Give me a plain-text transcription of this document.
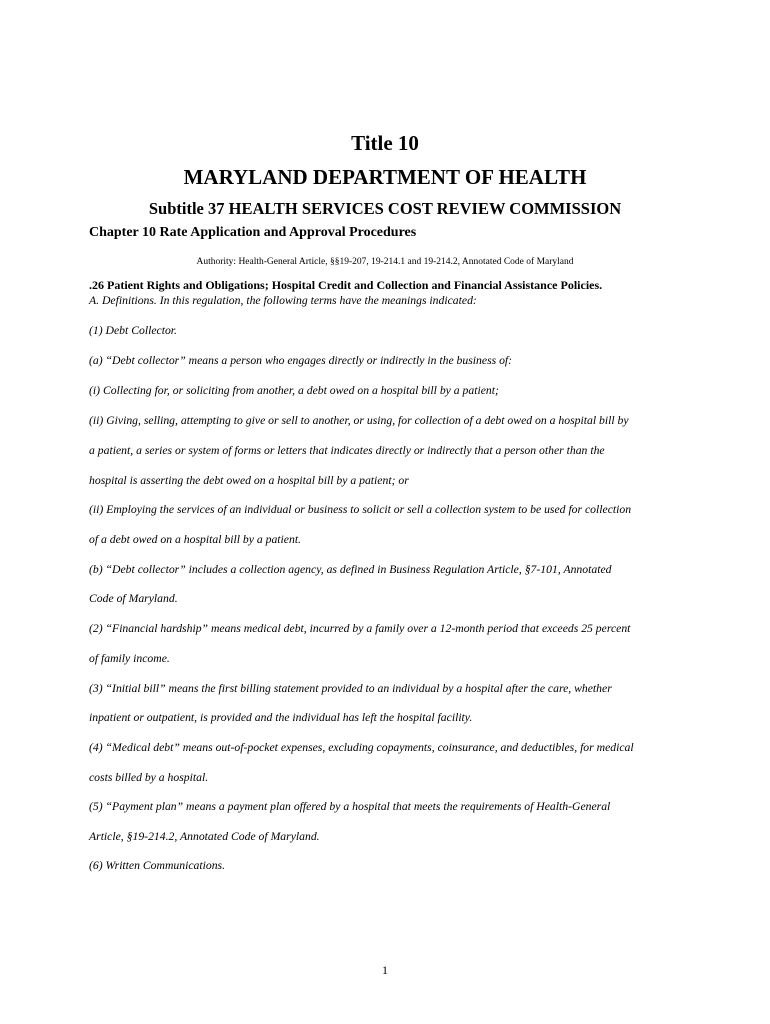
Title 10
MARYLAND DEPARTMENT OF HEALTH
Subtitle 37 HEALTH SERVICES COST REVIEW COMMISSION
Chapter 10 Rate Application and Approval Procedures

Authority: Health-General Article, §§19-207, 19-214.1 and 19-214.2, Annotated Code of Maryland

.26 Patient Rights and Obligations; Hospital Credit and Collection and Financial Assistance Policies.

A. Definitions. In this regulation, the following terms have the meanings indicated:

(1) Debt Collector.

(a) “Debt collector” means a person who engages directly or indirectly in the business of:

(i) Collecting for, or soliciting from another, a debt owed on a hospital bill by a patient;

(ii) Giving, selling, attempting to give or sell to another, or using, for collection of a debt owed on a hospital bill by

a patient, a series or system of forms or letters that indicates directly or indirectly that a person other than the

hospital is asserting the debt owed on a hospital bill by a patient; or

(ii) Employing the services of an individual or business to solicit or sell a collection system to be used for collection

of a debt owed on a hospital bill by a patient.

(b) “Debt collector” includes a collection agency, as defined in Business Regulation Article, §7-101, Annotated

Code of Maryland.

(2) “Financial hardship” means medical debt, incurred by a family over a 12-month period that exceeds 25 percent

of family income.

(3) “Initial bill” means the first billing statement provided to an individual by a hospital after the care, whether

inpatient or outpatient, is provided and the individual has left the hospital facility.

(4) “Medical debt” means out-of-pocket expenses, excluding copayments, coinsurance, and deductibles, for medical

costs billed by a hospital.

(5) “Payment plan” means a payment plan offered by a hospital that meets the requirements of Health-General

Article, §19-214.2, Annotated Code of Maryland.

(6) Written Communications.

1
